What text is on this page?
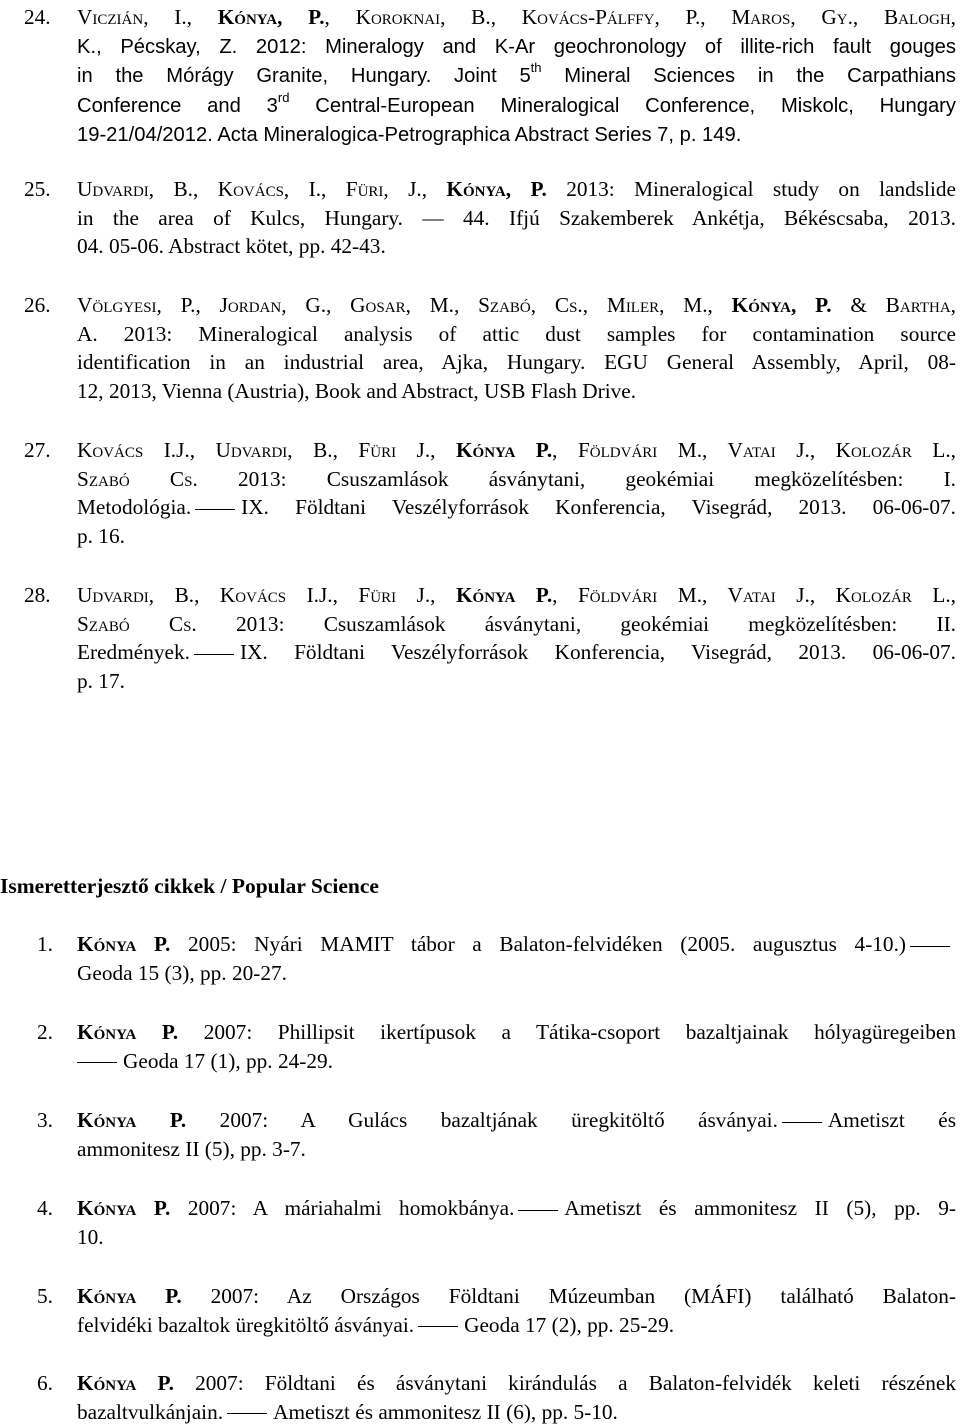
24. Viczián, I., Kónya, P., Koroknai, B., Kovács-Pálffy, P., Maros, Gy., Balogh,
K., Pécskay, Z. 2012: Mineralogy and K-Ar geochronology of illite-rich fault gouges
in the Mórágy Granite, Hungary. Joint 5th Mineral Sciences in the Carpathians
Conference and 3rd Central-European Mineralogical Conference, Miskolc, Hungary
19-21/04/2012. Acta Mineralogica-Petrographica Abstract Series 7, p. 149.
25. Udvardi, B., Kovács, I., Füri, J., Kónya, P. 2013: Mineralogical study on landslide
in the area of Kulcs, Hungary. — 44. Ifjú Szakemberek Ankétja, Békéscsaba, 2013.
04. 05-06. Abstract kötet, pp. 42-43.
26. Völgyesi, P., Jordan, G., Gosar, M., Szabó, Cs., Miler, M., Kónya, P. & Bartha,
A. 2013: Mineralogical analysis of attic dust samples for contamination source
identification in an industrial area, Ajka, Hungary. EGU General Assembly, April, 08-
12, 2013, Vienna (Austria), Book and Abstract, USB Flash Drive.
27. Kovács I.J., Udvardi, B., Füri J., Kónya P., Földvári M., Vatai J., Kolozár L.,
Szabó Cs. 2013: Csuszamlások ásványtani, geokémiai megközelítésben: I.
Metodológia. IX. Földtani Veszélyforrások Konferencia, Visegrád, 2013. 06-06-07.
p. 16.
28. Udvardi, B., Kovács I.J., Füri J., Kónya P., Földvári M., Vatai J., Kolozár L.,
Szabó Cs. 2013: Csuszamlások ásványtani, geokémiai megközelítésben: II.
Eredmények. IX. Földtani Veszélyforrások Konferencia, Visegrád, 2013. 06-06-07.
p. 17.
Ismeretterjesztő cikkek / Popular Science
1. Kónya P. 2005: Nyári MAMIT tábor a Balaton-felvidéken (2005. augusztus 4-10.)
Geoda 15 (3), pp. 20-27.
2. Kónya P. 2007: Phillipsit ikertípusok a Tátika-csoport bazaltjainak hólyagüregeiben
Geoda 17 (1), pp. 24-29.
3. Kónya P. 2007: A Gulács bazaltjának üregkitöltő ásványai. Ametiszt és
ammonitesz II (5), pp. 3-7.
4. Kónya P. 2007: A máriahalmi homokbánya. Ametiszt és ammonitesz II (5), pp. 9-
10.
5. Kónya P. 2007: Az Országos Földtani Múzeumban (MÁFI) található Balaton-
felvidéki bazaltok üregkitöltő ásványai. Geoda 17 (2), pp. 25-29.
6. Kónya P. 2007: Földtani és ásványtani kirándulás a Balaton-felvidék keleti részének
bazaltvulkánjain. Ametiszt és ammonitesz II (6), pp. 5-10.
